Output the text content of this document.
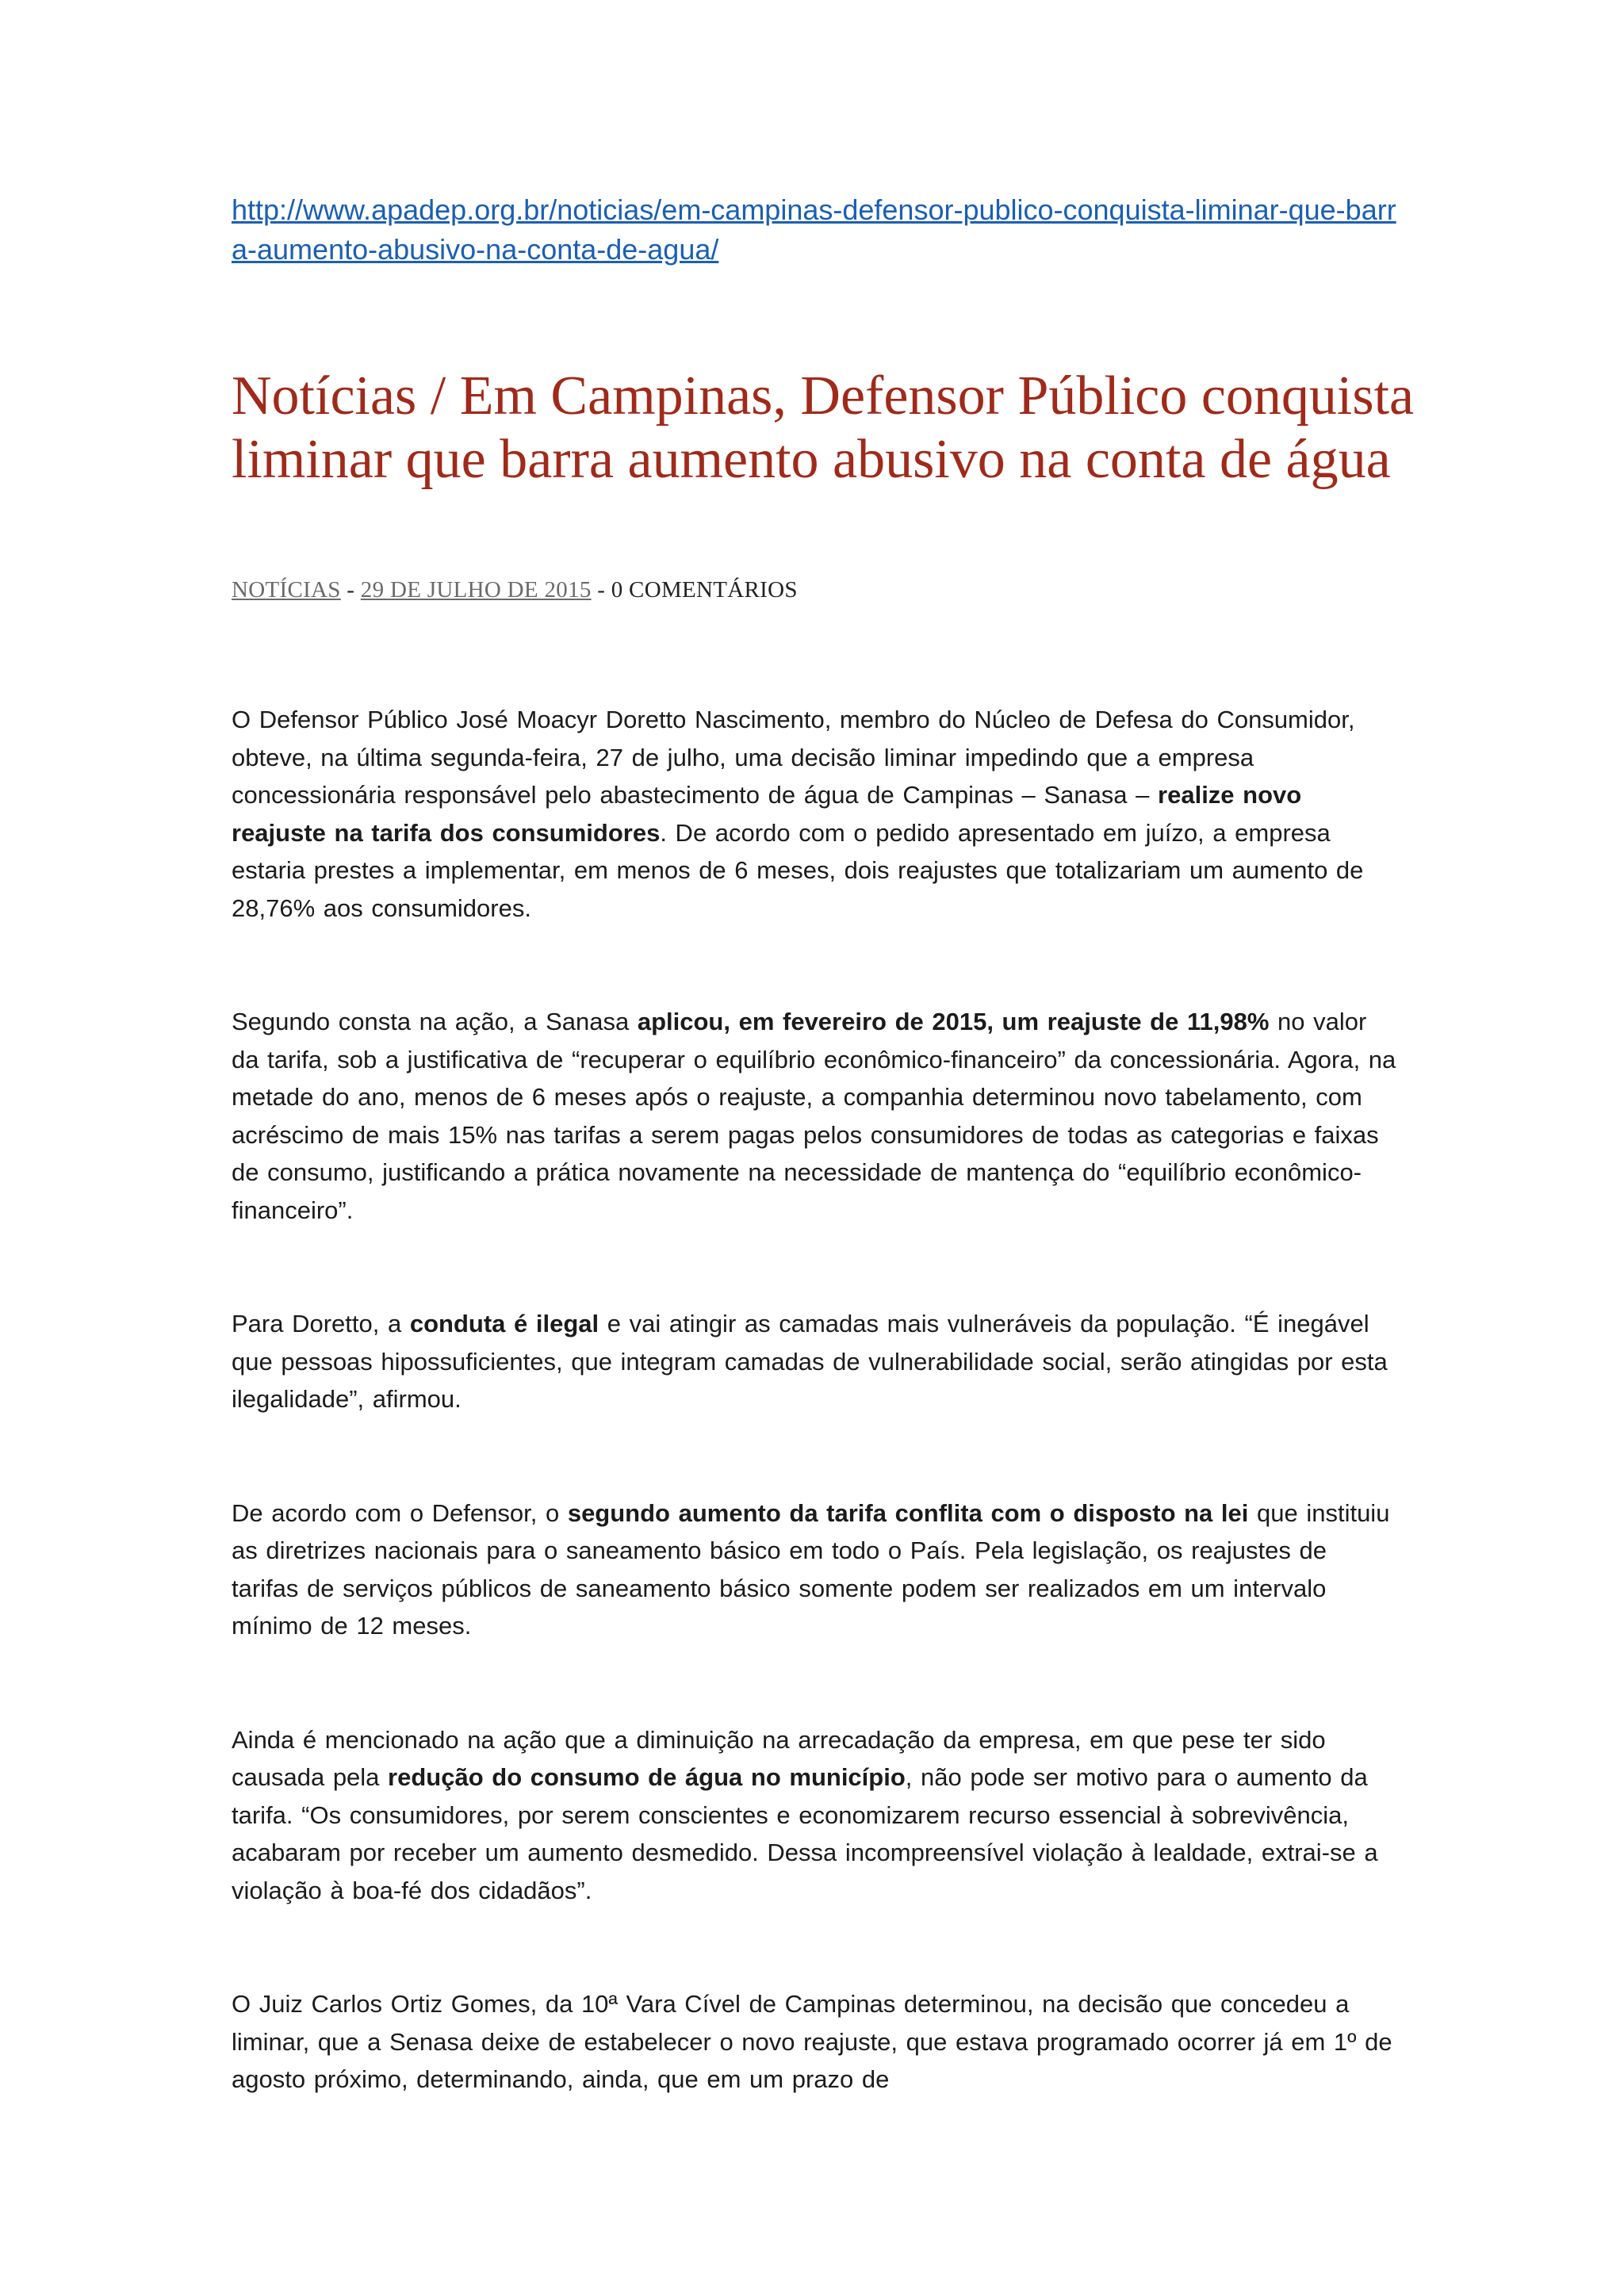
http://www.apadep.org.br/noticias/em-campinas-defensor-publico-conquista-liminar-que-barra-aumento-abusivo-na-conta-de-agua/
Notícias / Em Campinas, Defensor Público conquista liminar que barra aumento abusivo na conta de água
NOTÍCIAS - 29 DE JULHO DE 2015 - 0 COMENTÁRIOS

O Defensor Público José Moacyr Doretto Nascimento, membro do Núcleo de Defesa do Consumidor, obteve, na última segunda-feira, 27 de julho, uma decisão liminar impedindo que a empresa concessionária responsável pelo abastecimento de água de Campinas – Sanasa – realize novo reajuste na tarifa dos consumidores. De acordo com o pedido apresentado em juízo, a empresa estaria prestes a implementar, em menos de 6 meses, dois reajustes que totalizariam um aumento de 28,76% aos consumidores.

Segundo consta na ação, a Sanasa aplicou, em fevereiro de 2015, um reajuste de 11,98% no valor da tarifa, sob a justificativa de “recuperar o equilíbrio econômico-financeiro” da concessionária. Agora, na metade do ano, menos de 6 meses após o reajuste, a companhia determinou novo tabelamento, com acréscimo de mais 15% nas tarifas a serem pagas pelos consumidores de todas as categorias e faixas de consumo, justificando a prática novamente na necessidade de mantença do “equilíbrio econômico-financeiro”.

Para Doretto, a conduta é ilegal e vai atingir as camadas mais vulneráveis da população. “É inegável que pessoas hipossuficientes, que integram camadas de vulnerabilidade social, serão atingidas por esta ilegalidade”, afirmou.

De acordo com o Defensor, o segundo aumento da tarifa conflita com o disposto na lei que instituiu as diretrizes nacionais para o saneamento básico em todo o País. Pela legislação, os reajustes de tarifas de serviços públicos de saneamento básico somente podem ser realizados em um intervalo mínimo de 12 meses.

Ainda é mencionado na ação que a diminuição na arrecadação da empresa, em que pese ter sido causada pela redução do consumo de água no município, não pode ser motivo para o aumento da tarifa. “Os consumidores, por serem conscientes e economizarem recurso essencial à sobrevivência, acabaram por receber um aumento desmedido. Dessa incompreensível violação à lealdade, extrai-se a violação à boa-fé dos cidadãos”.

O Juiz Carlos Ortiz Gomes, da 10ª Vara Cível de Campinas determinou, na decisão que concedeu a liminar, que a Senasa deixe de estabelecer o novo reajuste, que estava programado ocorrer já em 1º de agosto próximo, determinando, ainda, que em um prazo de
